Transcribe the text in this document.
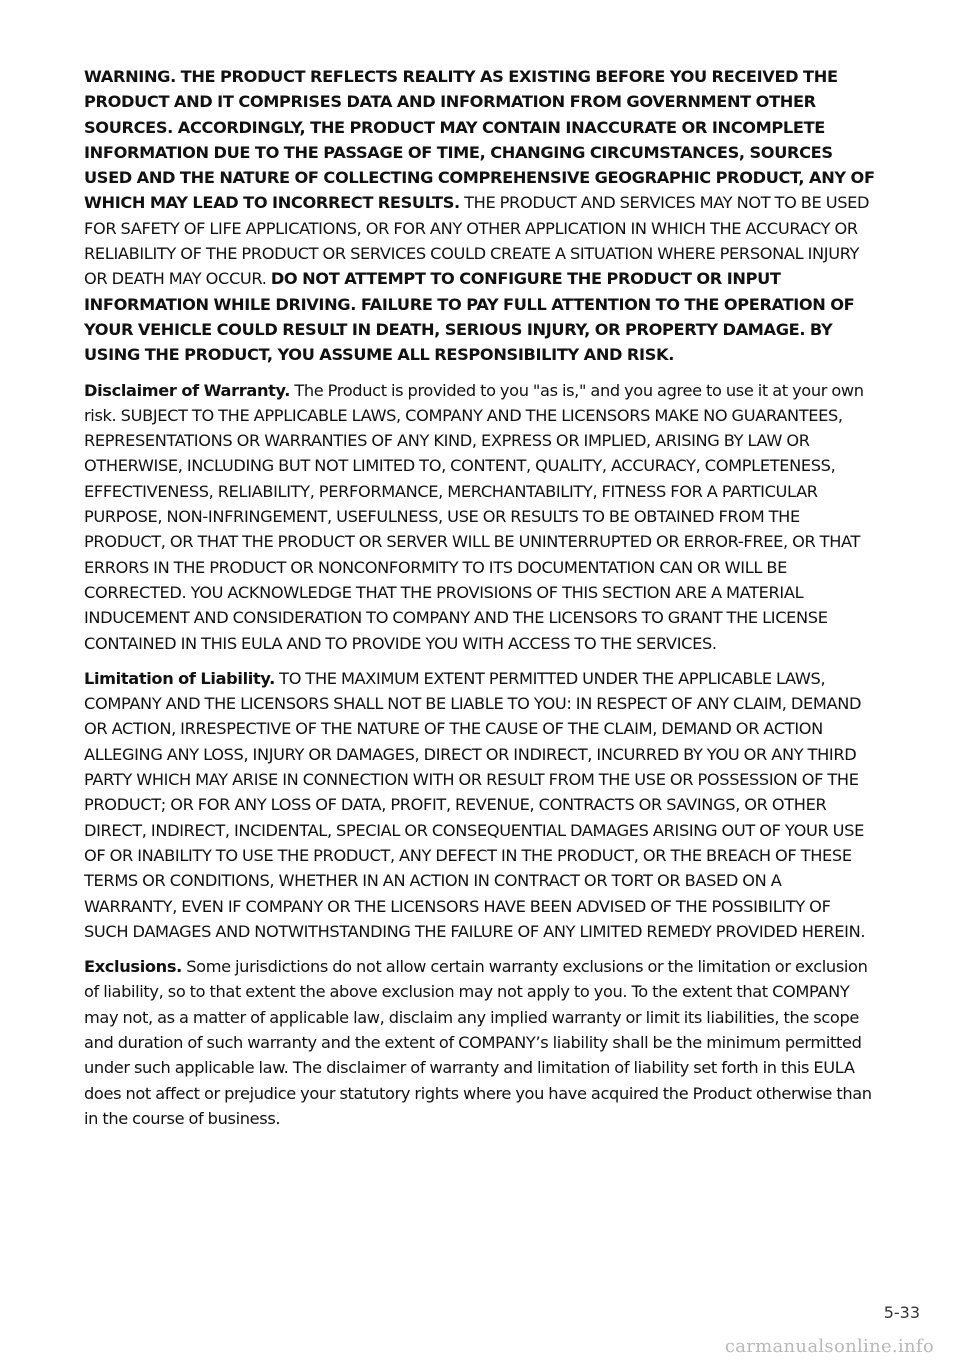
WARNING. THE PRODUCT REFLECTS REALITY AS EXISTING BEFORE YOU RECEIVED THE PRODUCT AND IT COMPRISES DATA AND INFORMATION FROM GOVERNMENT OTHER SOURCES. ACCORDINGLY, THE PRODUCT MAY CONTAIN INACCURATE OR INCOMPLETE INFORMATION DUE TO THE PASSAGE OF TIME, CHANGING CIRCUMSTANCES, SOURCES USED AND THE NATURE OF COLLECTING COMPREHENSIVE GEOGRAPHIC PRODUCT, ANY OF WHICH MAY LEAD TO INCORRECT RESULTS. THE PRODUCT AND SERVICES MAY NOT TO BE USED FOR SAFETY OF LIFE APPLICATIONS, OR FOR ANY OTHER APPLICATION IN WHICH THE ACCURACY OR RELIABILITY OF THE PRODUCT OR SERVICES COULD CREATE A SITUATION WHERE PERSONAL INJURY OR DEATH MAY OCCUR. DO NOT ATTEMPT TO CONFIGURE THE PRODUCT OR INPUT INFORMATION WHILE DRIVING. FAILURE TO PAY FULL ATTENTION TO THE OPERATION OF YOUR VEHICLE COULD RESULT IN DEATH, SERIOUS INJURY, OR PROPERTY DAMAGE. BY USING THE PRODUCT, YOU ASSUME ALL RESPONSIBILITY AND RISK.

Disclaimer of Warranty. The Product is provided to you "as is," and you agree to use it at your own risk. SUBJECT TO THE APPLICABLE LAWS, COMPANY AND THE LICENSORS MAKE NO GUARANTEES, REPRESENTATIONS OR WARRANTIES OF ANY KIND, EXPRESS OR IMPLIED, ARISING BY LAW OR OTHERWISE, INCLUDING BUT NOT LIMITED TO, CONTENT, QUALITY, ACCURACY, COMPLETENESS, EFFECTIVENESS, RELIABILITY, PERFORMANCE, MERCHANTABILITY, FITNESS FOR A PARTICULAR PURPOSE, NON-INFRINGEMENT, USEFULNESS, USE OR RESULTS TO BE OBTAINED FROM THE PRODUCT, OR THAT THE PRODUCT OR SERVER WILL BE UNINTERRUPTED OR ERROR-FREE, OR THAT ERRORS IN THE PRODUCT OR NONCONFORMITY TO ITS DOCUMENTATION CAN OR WILL BE CORRECTED. YOU ACKNOWLEDGE THAT THE PROVISIONS OF THIS SECTION ARE A MATERIAL INDUCEMENT AND CONSIDERATION TO COMPANY AND THE LICENSORS TO GRANT THE LICENSE CONTAINED IN THIS EULA AND TO PROVIDE YOU WITH ACCESS TO THE SERVICES.

Limitation of Liability. TO THE MAXIMUM EXTENT PERMITTED UNDER THE APPLICABLE LAWS, COMPANY AND THE LICENSORS SHALL NOT BE LIABLE TO YOU: IN RESPECT OF ANY CLAIM, DEMAND OR ACTION, IRRESPECTIVE OF THE NATURE OF THE CAUSE OF THE CLAIM, DEMAND OR ACTION ALLEGING ANY LOSS, INJURY OR DAMAGES, DIRECT OR INDIRECT, INCURRED BY YOU OR ANY THIRD PARTY WHICH MAY ARISE IN CONNECTION WITH OR RESULT FROM THE USE OR POSSESSION OF THE PRODUCT; OR FOR ANY LOSS OF DATA, PROFIT, REVENUE, CONTRACTS OR SAVINGS, OR OTHER DIRECT, INDIRECT, INCIDENTAL, SPECIAL OR CONSEQUENTIAL DAMAGES ARISING OUT OF YOUR USE OF OR INABILITY TO USE THE PRODUCT, ANY DEFECT IN THE PRODUCT, OR THE BREACH OF THESE TERMS OR CONDITIONS, WHETHER IN AN ACTION IN CONTRACT OR TORT OR BASED ON A WARRANTY, EVEN IF COMPANY OR THE LICENSORS HAVE BEEN ADVISED OF THE POSSIBILITY OF SUCH DAMAGES AND NOTWITHSTANDING THE FAILURE OF ANY LIMITED REMEDY PROVIDED HEREIN.

Exclusions. Some jurisdictions do not allow certain warranty exclusions or the limitation or exclusion of liability, so to that extent the above exclusion may not apply to you. To the extent that COMPANY may not, as a matter of applicable law, disclaim any implied warranty or limit its liabilities, the scope and duration of such warranty and the extent of COMPANY’s liability shall be the minimum permitted under such applicable law. The disclaimer of warranty and limitation of liability set forth in this EULA does not affect or prejudice your statutory rights where you have acquired the Product otherwise than in the course of business.

5-33
carmanualsonline.info
